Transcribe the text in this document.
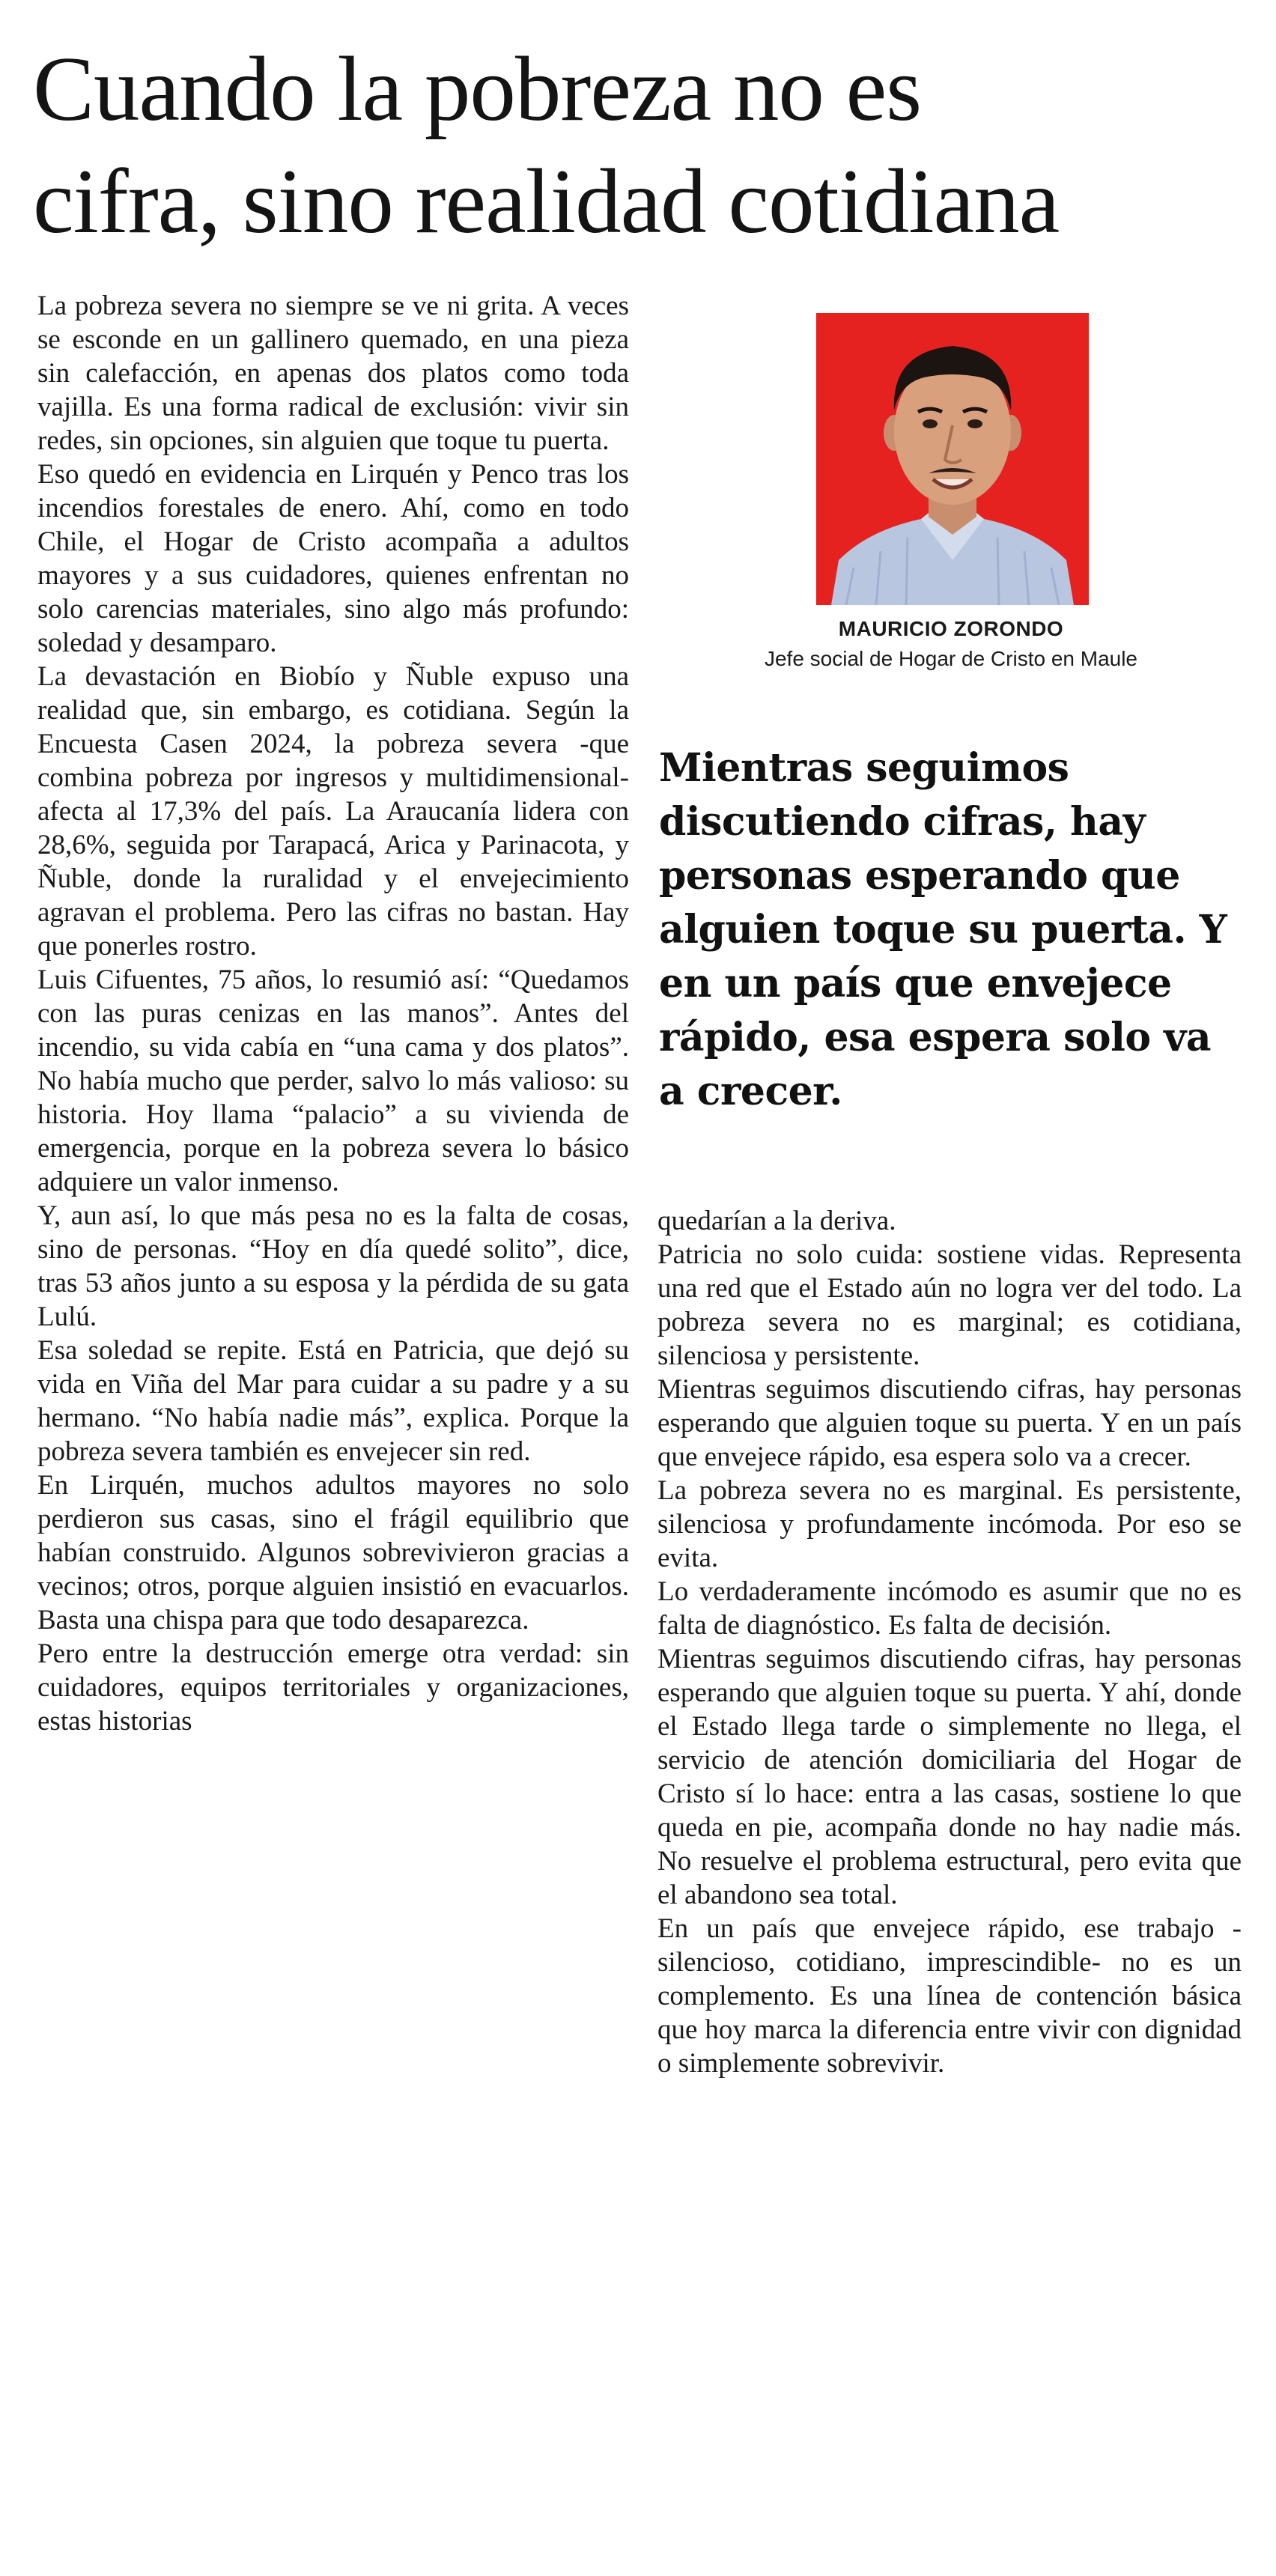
Cuando la pobreza no es
cifra, sino realidad cotidiana

La pobreza severa no siempre se ve ni grita. A veces se esconde en un gallinero quemado, en una pieza sin calefacción, en apenas dos platos como toda vajilla. Es una forma radical de exclusión: vivir sin redes, sin opciones, sin alguien que toque tu puerta.

Eso quedó en evidencia en Lirquén y Penco tras los incendios forestales de enero. Ahí, como en todo Chile, el Hogar de Cristo acompaña a adultos mayores y a sus cuidadores, quienes enfrentan no solo carencias materiales, sino algo más profundo: soledad y desamparo.

La devastación en Biobío y Ñuble expuso una realidad que, sin embargo, es cotidiana. Según la Encuesta Casen 2024, la pobreza severa -que combina pobreza por ingresos y multidimensional- afecta al 17,3% del país. La Araucanía lidera con 28,6%, seguida por Tarapacá, Arica y Parinacota, y Ñuble, donde la ruralidad y el envejecimiento agravan el problema. Pero las cifras no bastan. Hay que ponerles rostro.

Luis Cifuentes, 75 años, lo resumió así: “Quedamos con las puras cenizas en las manos”. Antes del incendio, su vida cabía en “una cama y dos platos”. No había mucho que perder, salvo lo más valioso: su historia. Hoy llama “palacio” a su vivienda de emergencia, porque en la pobreza severa lo básico adquiere un valor inmenso.

Y, aun así, lo que más pesa no es la falta de cosas, sino de personas. “Hoy en día quedé solito”, dice, tras 53 años junto a su esposa y la pérdida de su gata Lulú.

Esa soledad se repite. Está en Patricia, que dejó su vida en Viña del Mar para cuidar a su padre y a su hermano. “No había nadie más”, explica. Porque la pobreza severa también es envejecer sin red.

En Lirquén, muchos adultos mayores no solo perdieron sus casas, sino el frágil equilibrio que habían construido. Algunos sobrevivieron gracias a vecinos; otros, porque alguien insistió en evacuarlos. Basta una chispa para que todo desaparezca.

Pero entre la destrucción emerge otra verdad: sin cuidadores, equipos territoriales y organizaciones, estas historias

MAURICIO ZORONDO
Jefe social de Hogar de Cristo en Maule

Mientras seguimos discutiendo cifras, hay personas esperando que alguien toque su puerta. Y en un país que envejece rápido, esa espera solo va a crecer.

quedarían a la deriva.

Patricia no solo cuida: sostiene vidas. Representa una red que el Estado aún no logra ver del todo. La pobreza severa no es marginal; es cotidiana, silenciosa y persistente.

Mientras seguimos discutiendo cifras, hay personas esperando que alguien toque su puerta. Y en un país que envejece rápido, esa espera solo va a crecer.

La pobreza severa no es marginal. Es persistente, silenciosa y profundamente incómoda. Por eso se evita.

Lo verdaderamente incómodo es asumir que no es falta de diagnóstico. Es falta de decisión.

Mientras seguimos discutiendo cifras, hay personas esperando que alguien toque su puerta. Y ahí, donde el Estado llega tarde o simplemente no llega, el servicio de atención domiciliaria del Hogar de Cristo sí lo hace: entra a las casas, sostiene lo que queda en pie, acompaña donde no hay nadie más. No resuelve el problema estructural, pero evita que el abandono sea total.

En un país que envejece rápido, ese trabajo -silencioso, cotidiano, imprescindible- no es un complemento. Es una línea de contención básica que hoy marca la diferencia entre vivir con dignidad o simplemente sobrevivir.
